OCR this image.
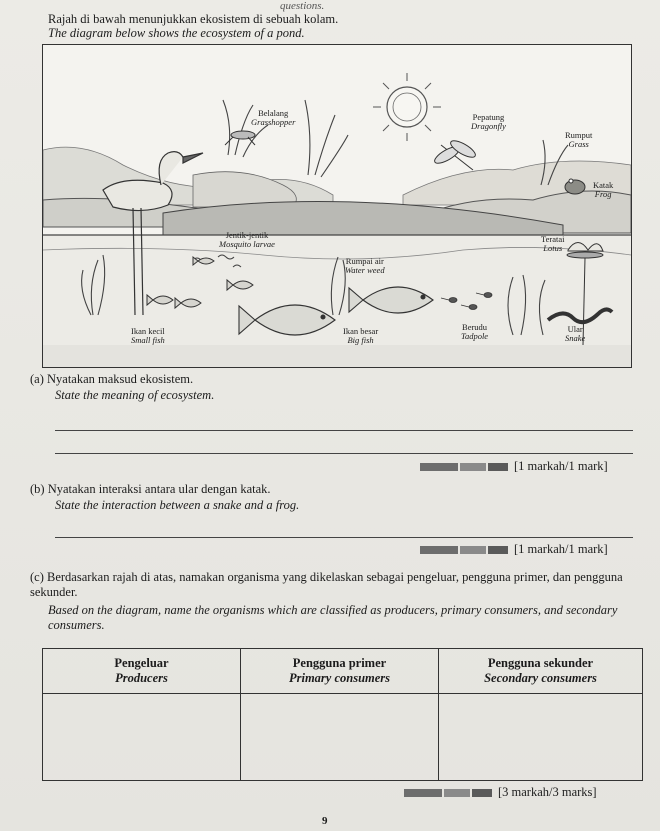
questions.
Rajah di bawah menunjukkan ekosistem di sebuah kolam.
The diagram below shows the ecosystem of a pond.
Belalang
Grasshopper	Pepatung
Dragonfly
Rumput
Grass
Katak
Frog
Jentik-jentik
Mosquito larvae	Teratai
Lotus
Rumpai air
Water weed
Ikan kecil
Small fish
Ikan besar
Big fish
Berudu
Tadpole
Ular
Snake
(a) Nyatakan maksud ekosistem.
State the meaning of ecosystem.
[1 markah/1 mark]
(b) Nyatakan interaksi antara ular dengan katak.
State the interaction between a snake and a frog.
[1 markah/1 mark]
(c) Berdasarkan rajah di atas, namakan organisma yang dikelaskan sebagai pengeluar, pengguna primer, dan pengguna sekunder.
Based on the diagram, name the organisms which are classified as producers, primary consumers, and secondary consumers.
Pengeluar
Producers	Pengguna primer
Primary consumers	Pengguna sekunder
Secondary consumers

[3 markah/3 marks]
9
